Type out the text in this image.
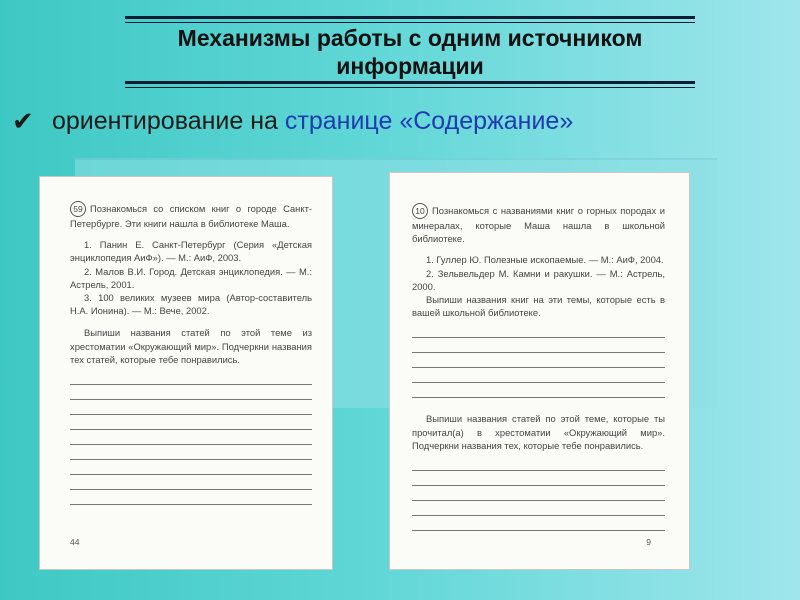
Механизмы работы с одним источником информации
✔ ориентирование на
странице «Содержание»

59 Познакомься со списком книг о городе Санкт-Петербурге. Эти книги нашла в библиотеке Маша.

1. Панин Е. Санкт-Петербург (Серия «Детская энциклопедия АиФ»). — М.: АиФ, 2003.

2. Малов В.И. Город. Детская энциклопедия. — М.: Астрель, 2001.

3. 100 великих музеев мира (Автор-составитель Н.А. Ионина). — М.: Вече, 2002.

Выпиши названия статей по этой теме из хрестоматии «Окружающий мир». Подчеркни названия тех статей, которые тебе понравились.

44

10 Познакомься с названиями книг о горных породах и минералах, которые Маша нашла в школьной библиотеке.

1. Гуллер Ю. Полезные ископаемые. — М.: АиФ, 2004.

2. Зельвельдер М. Камни и ракушки. — М.: Астрель, 2000.

Выпиши названия книг на эти темы, которые есть в вашей школьной библиотеке.

Выпиши названия статей по этой теме, которые ты прочитал(а) в хрестоматии «Окружающий мир». Подчеркни названия тех, которые тебе понравились.

9
